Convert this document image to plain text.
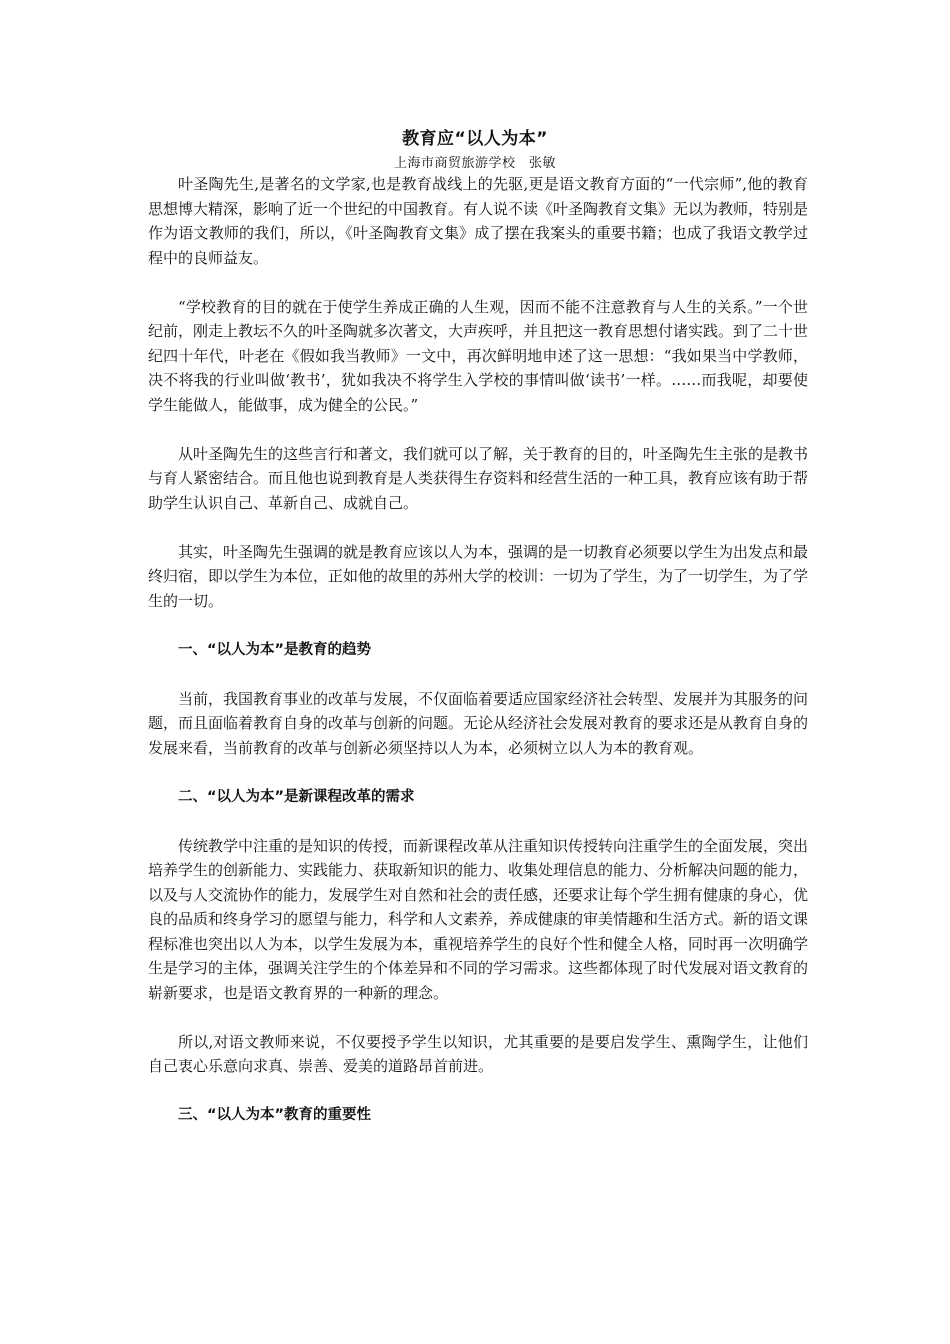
教育应“以人为本”
上海市商贸旅游学校　张敏

叶圣陶先生,是著名的文学家,也是教育战线上的先驱,更是语文教育方面的“一代宗师”,他的教育思想博大精深，影响了近一个世纪的中国教育。有人说不读《叶圣陶教育文集》无以为教师，特别是作为语文教师的我们，所以，《叶圣陶教育文集》成了摆在我案头的重要书籍；也成了我语文教学过程中的良师益友。

“学校教育的目的就在于使学生养成正确的人生观，因而不能不注意教育与人生的关系。”一个世纪前，刚走上教坛不久的叶圣陶就多次著文，大声疾呼，并且把这一教育思想付诸实践。到了二十世纪四十年代，叶老在《假如我当教师》一文中，再次鲜明地申述了这一思想：“我如果当中学教师，决不将我的行业叫做‘教书’，犹如我决不将学生入学校的事情叫做‘读书’一样。……而我呢，却要使学生能做人，能做事，成为健全的公民。”

从叶圣陶先生的这些言行和著文，我们就可以了解，关于教育的目的，叶圣陶先生主张的是教书与育人紧密结合。而且他也说到教育是人类获得生存资料和经营生活的一种工具，教育应该有助于帮助学生认识自己、革新自己、成就自己。

其实，叶圣陶先生强调的就是教育应该以人为本，强调的是一切教育必须要以学生为出发点和最终归宿，即以学生为本位，正如他的故里的苏州大学的校训：一切为了学生，为了一切学生，为了学生的一切。

一、“以人为本”是教育的趋势

当前，我国教育事业的改革与发展，不仅面临着要适应国家经济社会转型、发展并为其服务的问题，而且面临着教育自身的改革与创新的问题。无论从经济社会发展对教育的要求还是从教育自身的发展来看，当前教育的改革与创新必须坚持以人为本，必须树立以人为本的教育观。

二、“以人为本”是新课程改革的需求

传统教学中注重的是知识的传授，而新课程改革从注重知识传授转向注重学生的全面发展，突出培养学生的创新能力、实践能力、获取新知识的能力、收集处理信息的能力、分析解决问题的能力，以及与人交流协作的能力，发展学生对自然和社会的责任感，还要求让每个学生拥有健康的身心，优良的品质和终身学习的愿望与能力，科学和人文素养，养成健康的审美情趣和生活方式。新的语文课程标准也突出以人为本，以学生发展为本，重视培养学生的良好个性和健全人格，同时再一次明确学生是学习的主体，强调关注学生的个体差异和不同的学习需求。这些都体现了时代发展对语文教育的崭新要求，也是语文教育界的一种新的理念。

所以,对语文教师来说，不仅要授予学生以知识，尤其重要的是要启发学生、熏陶学生，让他们自己衷心乐意向求真、崇善、爱美的道路昂首前进。

三、“以人为本”教育的重要性
